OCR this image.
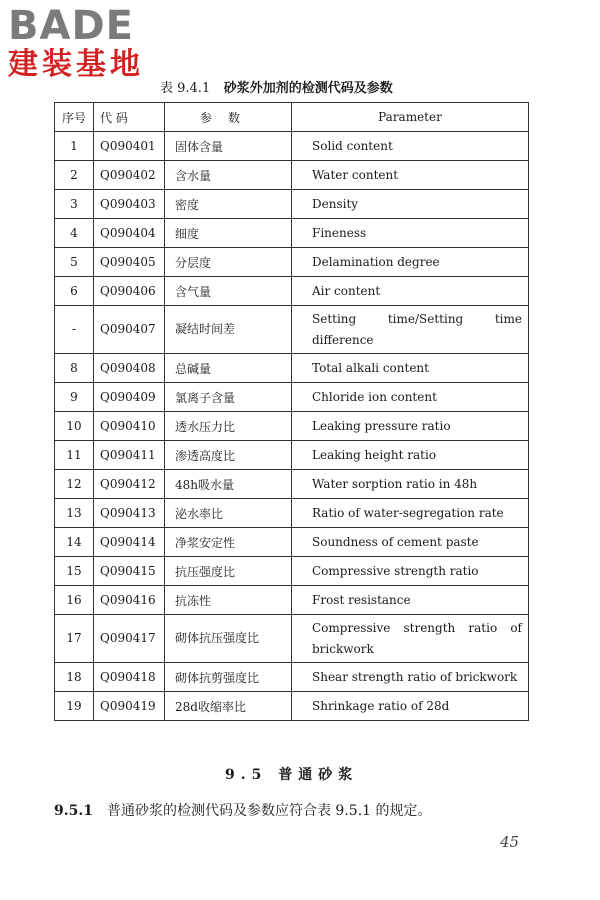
BADE
建装基地
表 9.4.1 砂浆外加剂的检测代码及参数
序号	代 码	参数	Parameter
1	Q090401	固体含量	Solid content
2	Q090402	含水量	Water content
3	Q090403	密度	Density
4	Q090404	细度	Fineness
5	Q090405	分层度	Delamination degree
6	Q090406	含气量	Air content
-	Q090407	凝结时间差	Setting time/Setting time difference
8	Q090408	总碱量	Total alkali content
9	Q090409	氯离子含量	Chloride ion content
10	Q090410	透水压力比	Leaking pressure ratio
11	Q090411	渗透高度比	Leaking height ratio
12	Q090412	48h吸水量	Water sorption ratio in 48h
13	Q090413	泌水率比	Ratio of water-segregation rate
14	Q090414	净浆安定性	Soundness of cement paste
15	Q090415	抗压强度比	Compressive strength ratio
16	Q090416	抗冻性	Frost resistance
17	Q090417	砌体抗压强度比	Compressive strength ratio of brickwork
18	Q090418	砌体抗剪强度比	Shear strength ratio of brickwork
19	Q090419	28d收缩率比	Shrinkage ratio of 28d
9.5 普通砂浆
9.5.1 普通砂浆的检测代码及参数应符合表 9.5.1 的规定。
45
